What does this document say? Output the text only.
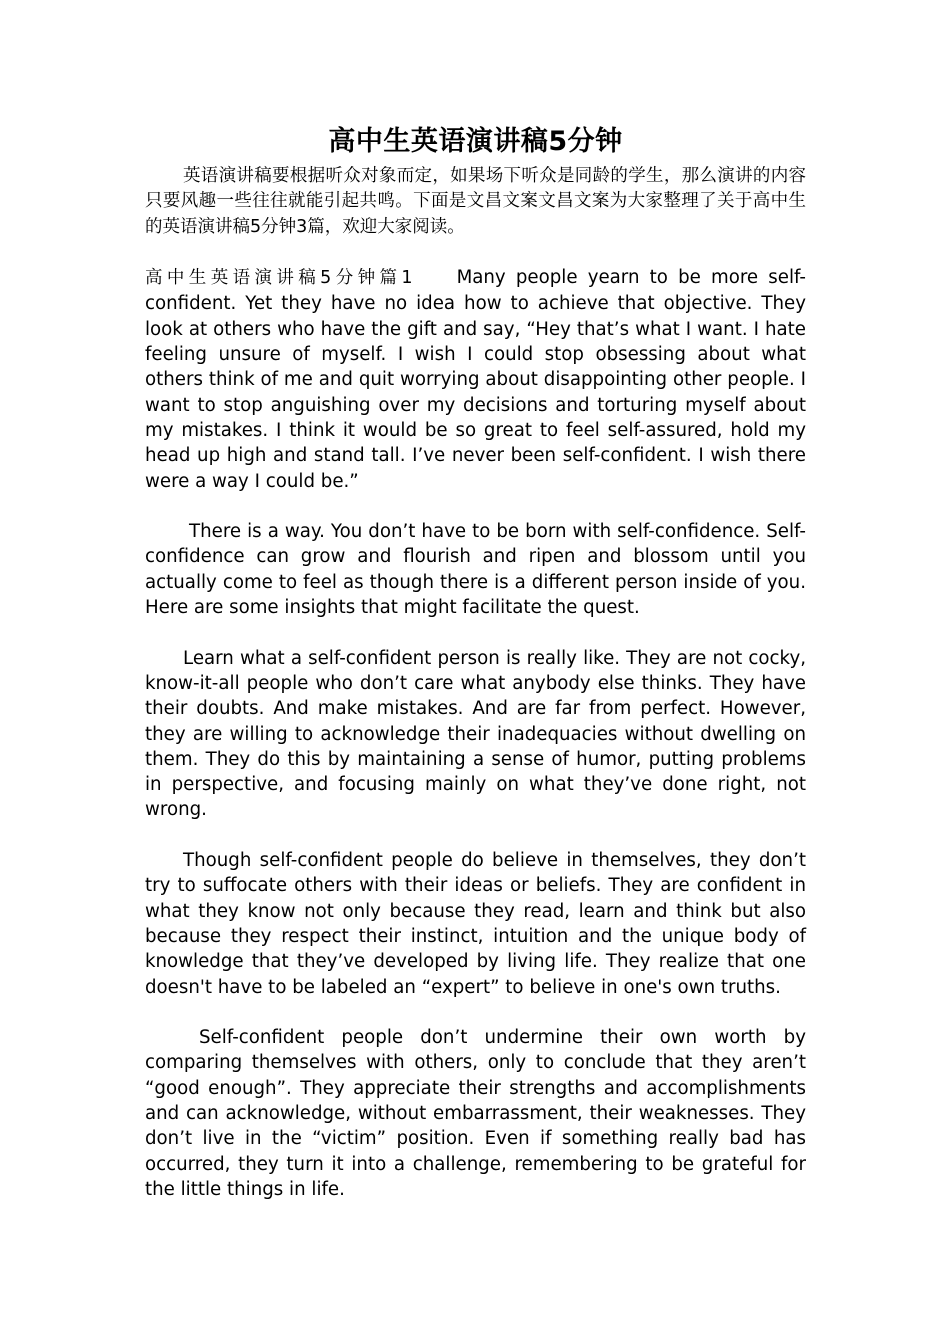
高中生英语演讲稿5分钟

英语演讲稿要根据听众对象而定，如果场下听众是同龄的学生，那么演讲的内容只要风趣一些往往就能引起共鸣。下面是文昌文案文昌文案为大家整理了关于高中生的英语演讲稿5分钟3篇，欢迎大家阅读。

高中生英语演讲稿5分钟篇1 Many people yearn to be more self-confident. Yet they have no idea how to achieve that objective. They look at others who have the gift and say, “Hey that’s what I want. I hate feeling unsure of myself. I wish I could stop obsessing about what others think of me and quit worrying about disappointing other people. I want to stop anguishing over my decisions and torturing myself about my mistakes. I think it would be so great to feel self-assured, hold my head up high and stand tall. I’ve never been self-confident. I wish there were a way I could be.”

There is a way. You don’t have to be born with self-confidence. Self-confidence can grow and flourish and ripen and blossom until you actually come to feel as though there is a different person inside of you. Here are some insights that might facilitate the quest.

Learn what a self-confident person is really like. They are not cocky, know-it-all people who don’t care what anybody else thinks. They have their doubts. And make mistakes. And are far from perfect. However, they are willing to acknowledge their inadequacies without dwelling on them. They do this by maintaining a sense of humor, putting problems in perspective, and focusing mainly on what they’ve done right, not wrong.

Though self-confident people do believe in themselves, they don’t try to suffocate others with their ideas or beliefs. They are confident in what they know not only because they read, learn and think but also because they respect their instinct, intuition and the unique body of knowledge that they’ve developed by living life. They realize that one doesn't have to be labeled an “expert” to believe in one's own truths.

Self-confident people don’t undermine their own worth by comparing themselves with others, only to conclude that they aren’t “good enough”. They appreciate their strengths and accomplishments and can acknowledge, without embarrassment, their weaknesses. They don’t live in the “victim” position. Even if something really bad has occurred, they turn it into a challenge, remembering to be grateful for the little things in life.
